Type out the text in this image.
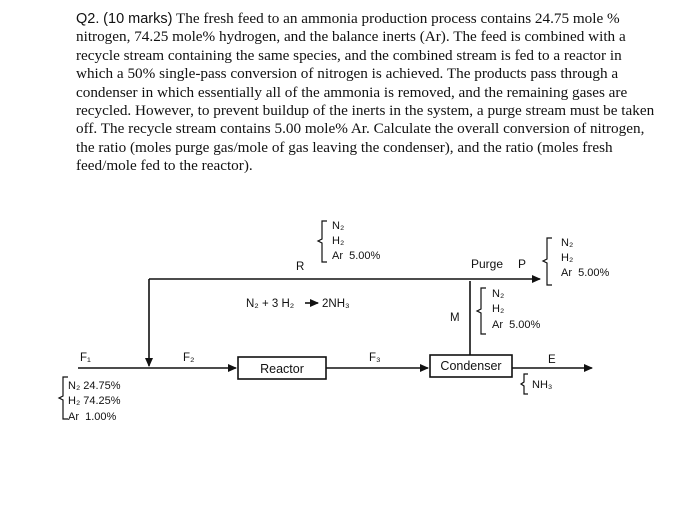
Q2. (10 marks) The fresh feed to an ammonia production process contains 24.75 mole % nitrogen, 74.25 mole% hydrogen, and the balance inerts (Ar). The feed is combined with a recycle stream containing the same species, and the combined stream is fed to a reactor in which a 50% single-pass conversion of nitrogen is achieved. The products pass through a condenser in which essentially all of the ammonia is removed, and the remaining gases are recycled. However, to prevent buildup of the inerts in the system, a purge stream must be taken off. The recycle stream contains 5.00 mole% Ar. Calculate the overall conversion of nitrogen, the ratio (moles purge gas/mole of gas leaving the condenser), and the ratio (moles fresh feed/mole fed to the reactor).
Reactor	Condenser
F₁	F₂	F₃
R
M
E
Purge P
N₂ + 3 H₂ 2NH₃
N₂
H₂
Ar  5.00%
N₂
H₂
Ar  5.00%
N₂
H₂
Ar  5.00%
N₂ 24.75%
H₂ 74.25%
Ar  1.00%
NH₃
